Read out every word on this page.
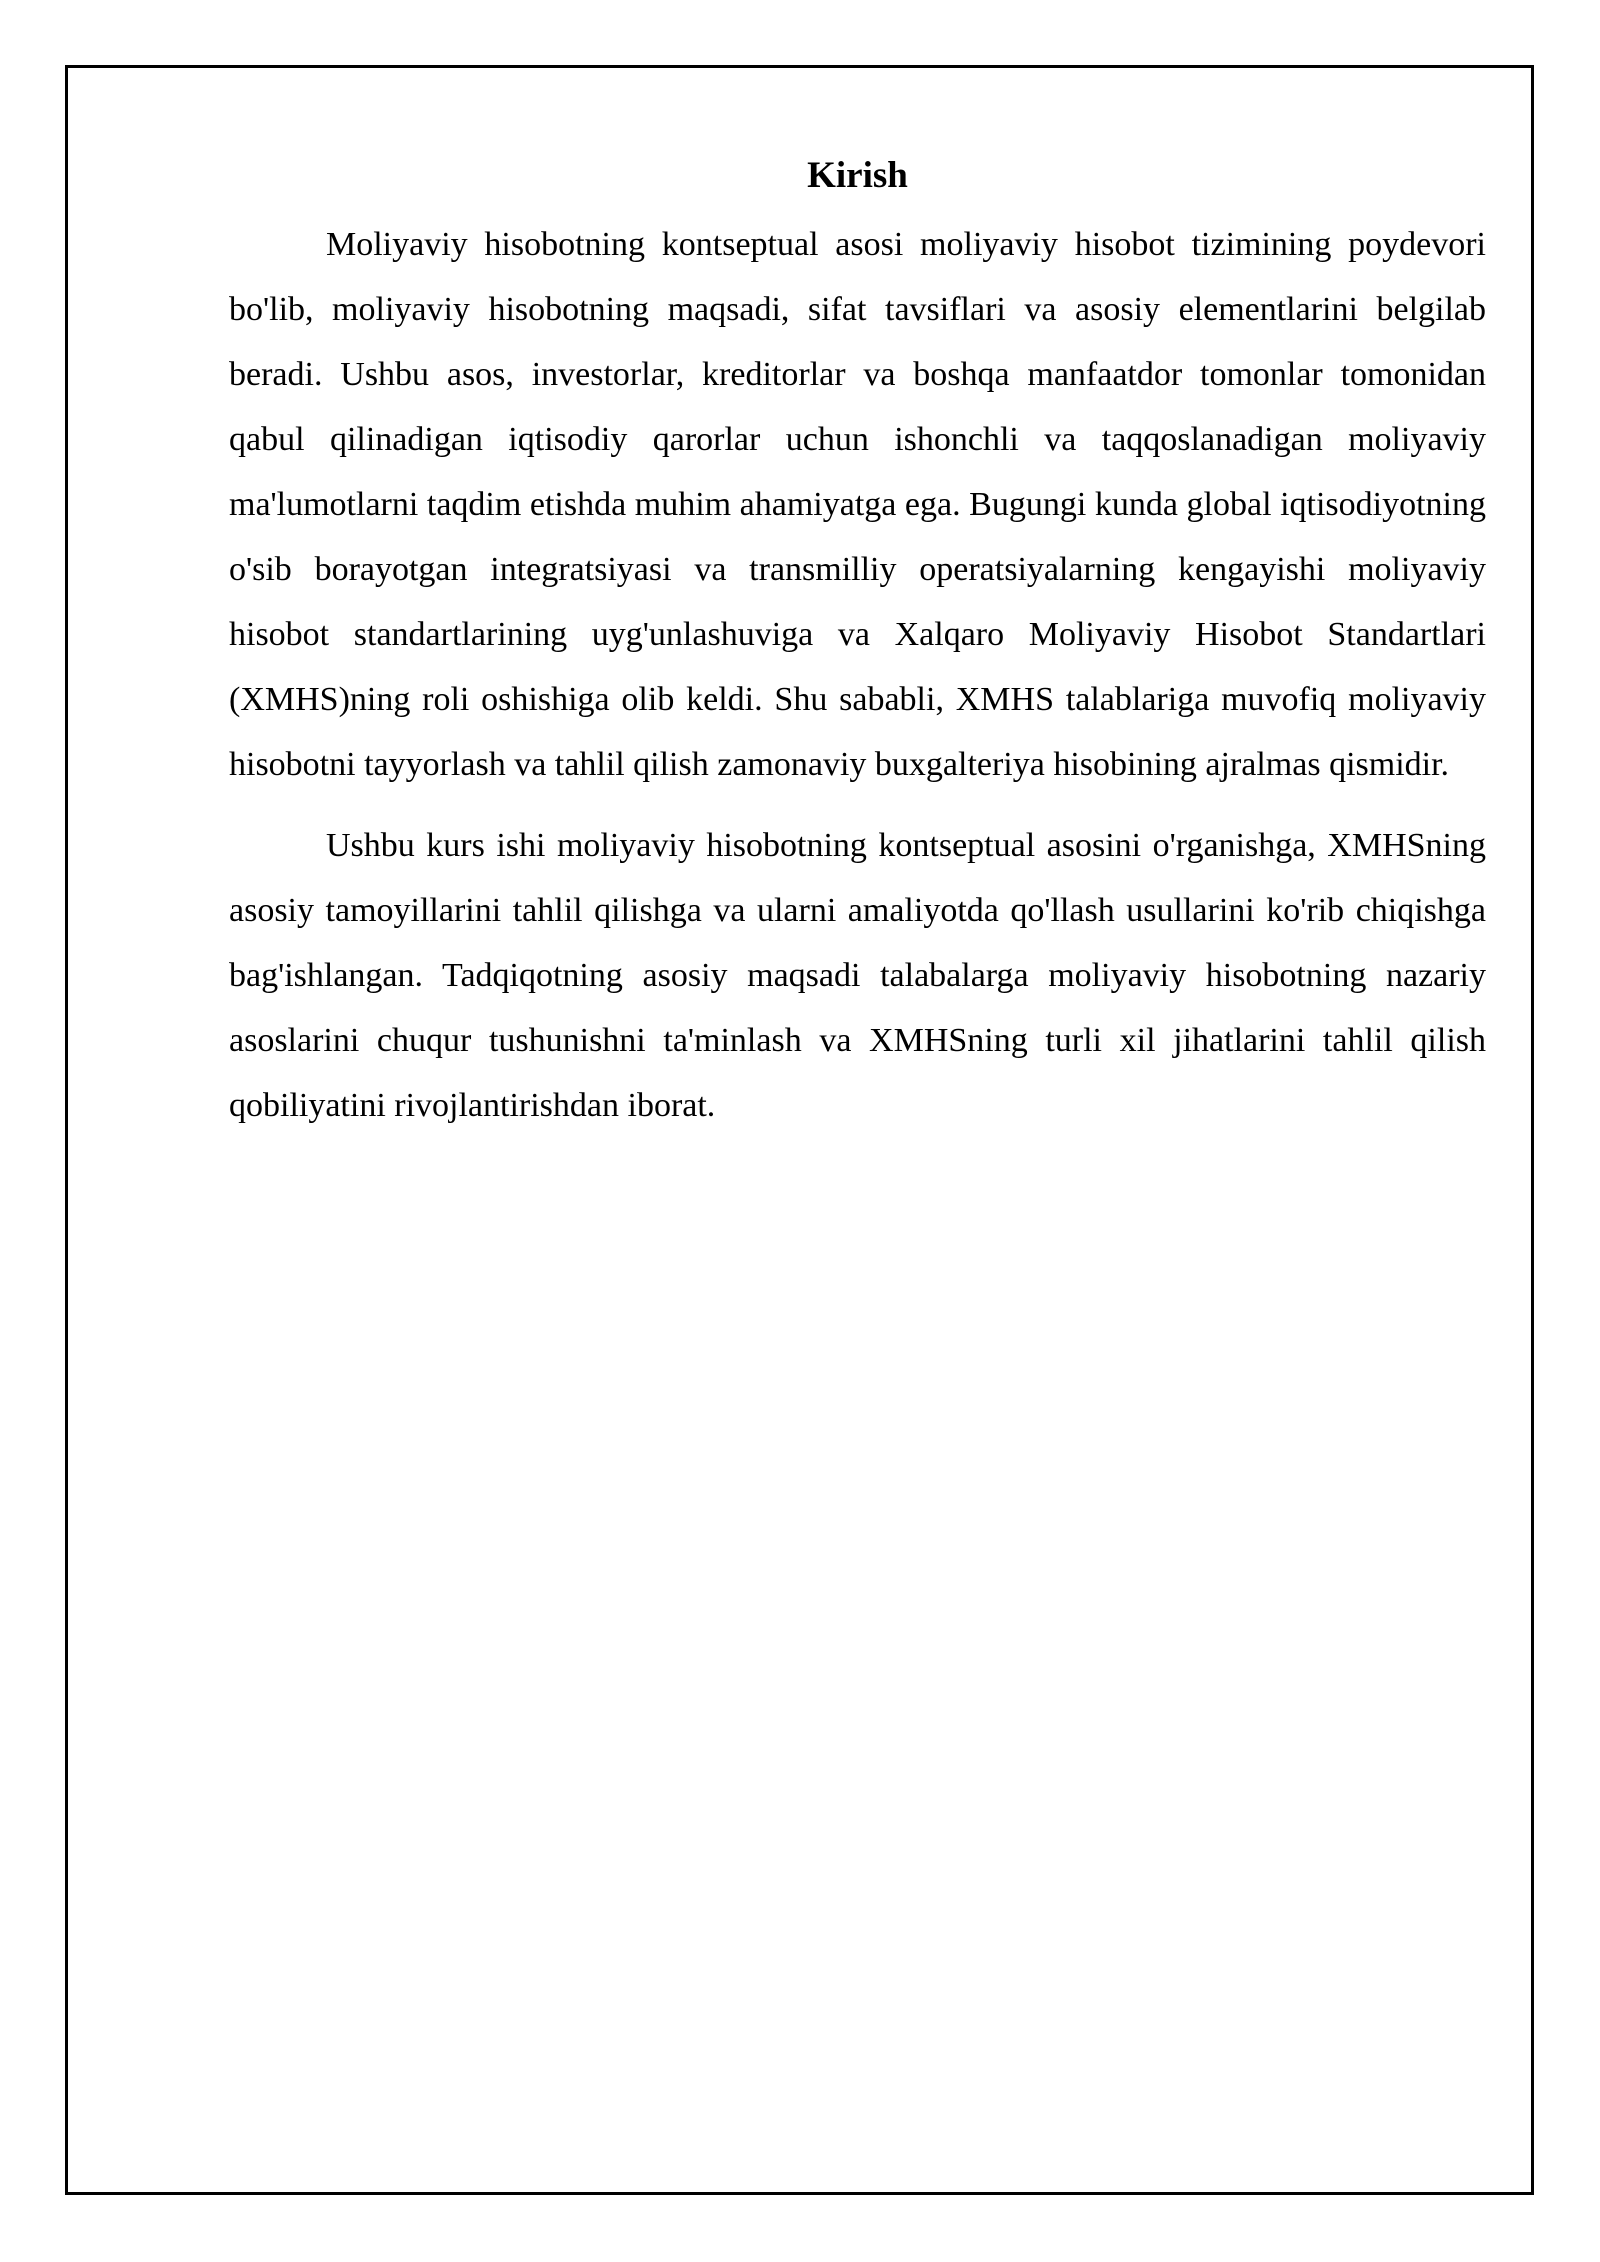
Kirish

Moliyaviy hisobotning kontseptual asosi moliyaviy hisobot tizimining poydevori bo'lib, moliyaviy hisobotning maqsadi, sifat tavsiflari va asosiy elementlarini belgilab beradi. Ushbu asos, investorlar, kreditorlar va boshqa manfaatdor tomonlar tomonidan qabul qilinadigan iqtisodiy qarorlar uchun ishonchli va taqqoslanadigan moliyaviy ma'lumotlarni taqdim etishda muhim ahamiyatga ega. Bugungi kunda global iqtisodiyotning o'sib borayotgan integratsiyasi va transmilliy operatsiyalarning kengayishi moliyaviy hisobot standartlarining uyg'unlashuviga va Xalqaro Moliyaviy Hisobot Standartlari (XMHS)ning roli oshishiga olib keldi. Shu sababli, XMHS talablariga muvofiq moliyaviy hisobotni tayyorlash va tahlil qilish zamonaviy buxgalteriya hisobining ajralmas qismidir.

Ushbu kurs ishi moliyaviy hisobotning kontseptual asosini o'rganishga, XMHSning asosiy tamoyillarini tahlil qilishga va ularni amaliyotda qo'llash usullarini ko'rib chiqishga bag'ishlangan. Tadqiqotning asosiy maqsadi talabalarga moliyaviy hisobotning nazariy asoslarini chuqur tushunishni ta'minlash va XMHSning turli xil jihatlarini tahlil qilish qobiliyatini rivojlantirishdan iborat.
